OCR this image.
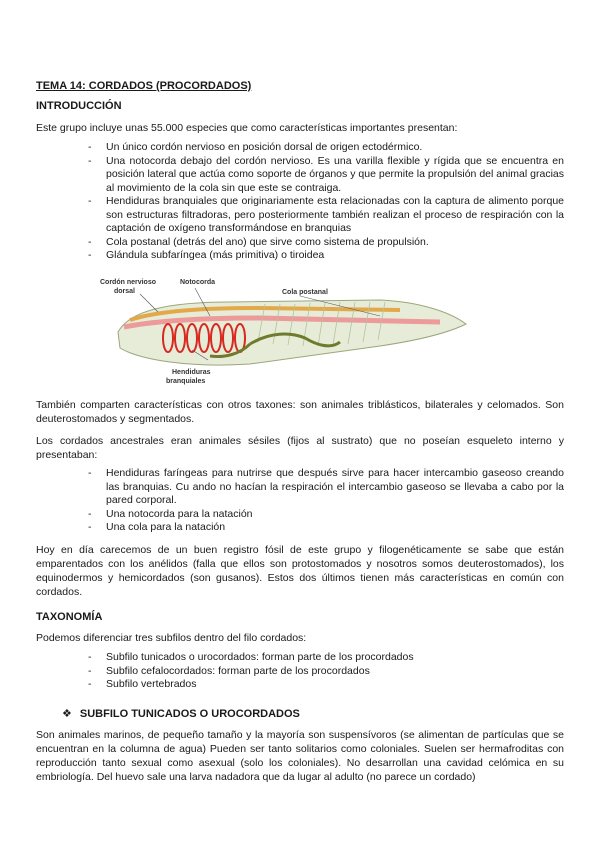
TEMA 14: CORDADOS (PROCORDADOS)
INTRODUCCIÓN
Este grupo incluye unas 55.000 especies que como características importantes presentan:
- Un único cordón nervioso en posición dorsal de origen ectodérmico.
- Una notocorda debajo del cordón nervioso. Es una varilla flexible y rígida que se encuentra en posición lateral que actúa como soporte de órganos y que permite la propulsión del animal gracias al movimiento de la cola sin que este se contraiga.
- Hendiduras branquiales que originariamente esta relacionadas con la captura de alimento porque son estructuras filtradoras, pero posteriormente también realizan el proceso de respiración con la captación de oxígeno transformándose en branquias
- Cola postanal (detrás del ano) que sirve como sistema de propulsión.
- Glándula subfaríngea (más primitiva) o tiroidea
Cordón nervioso
dorsal
Notocorda
Cola postanal
Hendiduras
branquiales
También comparten características con otros taxones: son animales triblásticos, bilaterales y celomados. Son deuterostomados y segmentados.
Los cordados ancestrales eran animales sésiles (fijos al sustrato) que no poseían esqueleto interno y presentaban:
- Hendiduras faríngeas para nutrirse que después sirve para hacer intercambio gaseoso creando las branquias. Cu ando no hacían la respiración el intercambio gaseoso se llevaba a cabo por la pared corporal.
- Una notocorda para la natación
- Una cola para la natación
Hoy en día carecemos de un buen registro fósil de este grupo y filogenéticamente se sabe que están emparentados con los anélidos (falla que ellos son protostomados y nosotros somos deuterostomados), los equinodermos y hemicordados (son gusanos). Estos dos últimos tienen más características en común con cordados.
TAXONOMÍA
Podemos diferenciar tres subfilos dentro del filo cordados:
- Subfilo tunicados o urocordados: forman parte de los procordados
- Subfilo cefalocordados: forman parte de los procordados
- Subfilo vertebrados
❖ SUBFILO TUNICADOS O UROCORDADOS
Son animales marinos, de pequeño tamaño y la mayoría son suspensívoros (se alimentan de partículas que se encuentran en la columna de agua) Pueden ser tanto solitarios como coloniales. Suelen ser hermafroditas con reproducción tanto sexual como asexual (solo los coloniales). No desarrollan una cavidad celómica en su embriología. Del huevo sale una larva nadadora que da lugar al adulto (no parece un cordado)
